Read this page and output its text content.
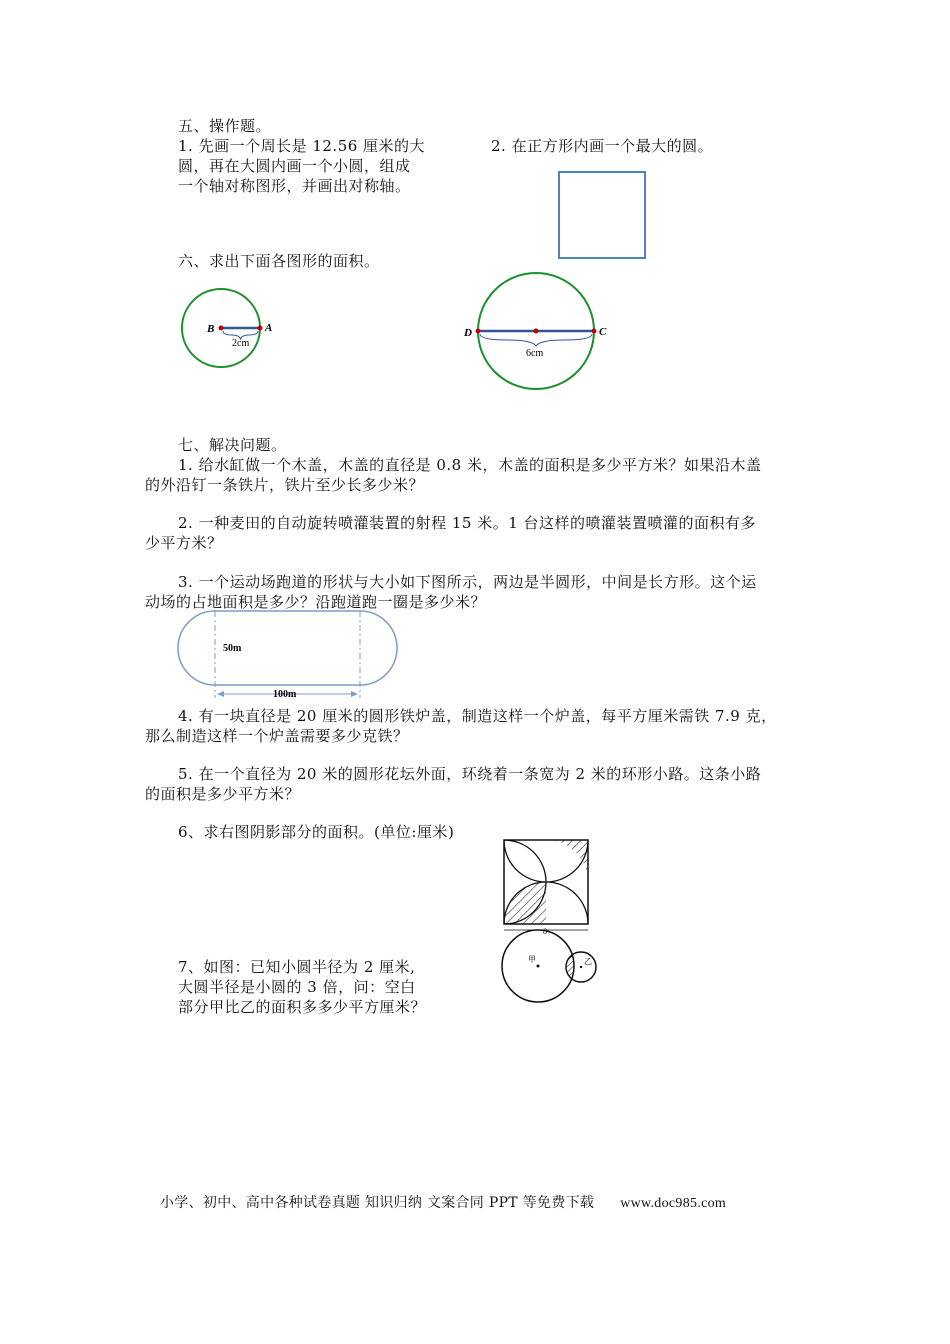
五、操作题。
1. 先画一个周长是 12.56 厘米的大
圆，再在大圆内画一个小圆，组成
一个轴对称图形，并画出对称轴。
2. 在正方形内画一个最大的圆。
六、求出下面各图形的面积。
B	A
2cm
D	C
6cm
七、解决问题。
1. 给水缸做一个木盖，木盖的直径是 0.8 米，木盖的面积是多少平方米？如果沿木盖
的外沿钉一条铁片，铁片至少长多少米？
2. 一种麦田的自动旋转喷灌装置的射程 15 米。1 台这样的喷灌装置喷灌的面积有多
少平方米？
3. 一个运动场跑道的形状与大小如下图所示，两边是半圆形，中间是长方形。这个运
动场的占地面积是多少？沿跑道跑一圈是多少米？
50m
100m
4. 有一块直径是 20 厘米的圆形铁炉盖，制造这样一个炉盖，每平方厘米需铁 7.9 克，
那么制造这样一个炉盖需要多少克铁？
5. 在一个直径为 20 米的圆形花坛外面，环绕着一条宽为 2 米的环形小路。这条小路
的面积是多少平方米？
6、求右图阴影部分的面积。(单位:厘米)
8
7、如图：已知小圆半径为 2 厘米,
大圆半径是小圆的 3 倍，问：空白
部分甲比乙的面积多多少平方厘米？
甲	乙
小学、初中、高中各种试卷真题 知识归纳 文案合同 PPT 等免费下载 www.doc985.com
